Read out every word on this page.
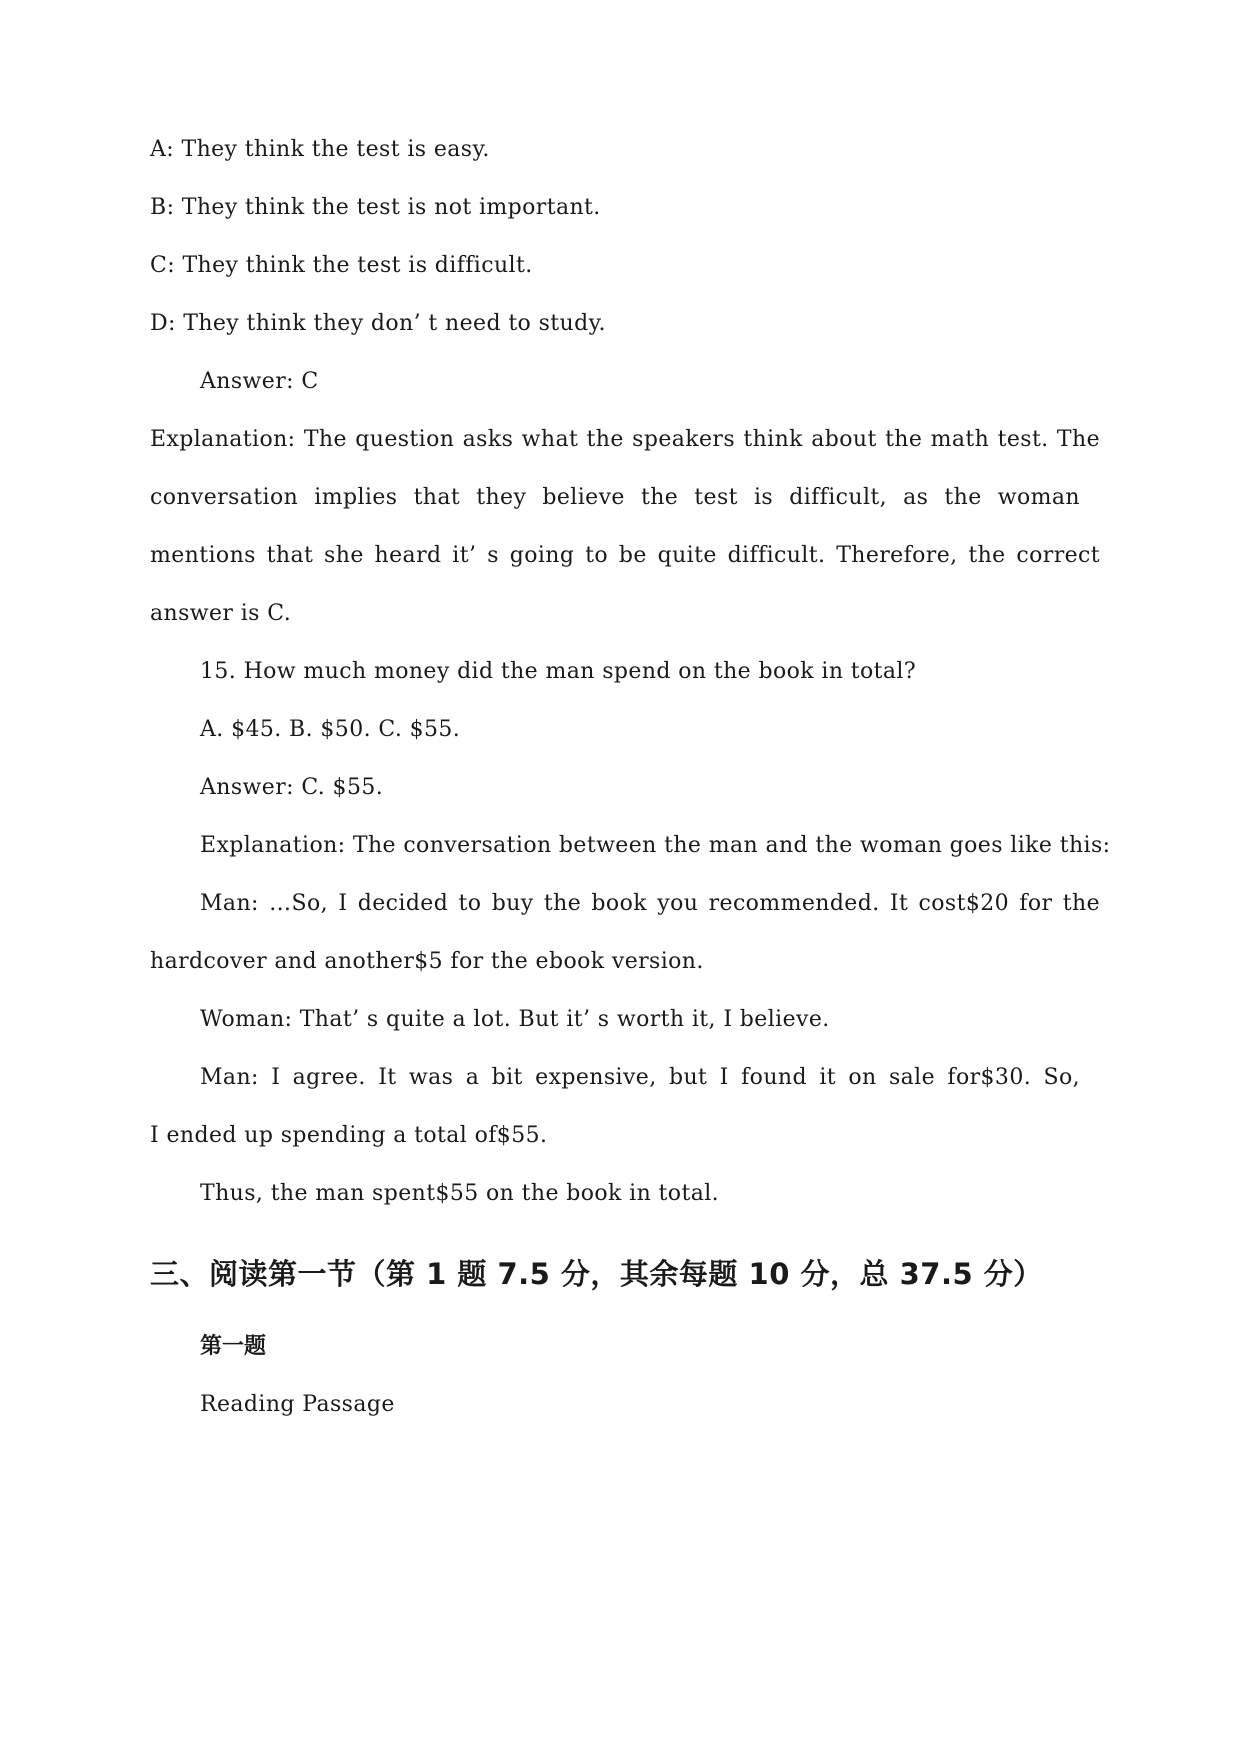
A: They think the test is easy.
B: They think the test is not important.
C: They think the test is difficult.
D: They think they don’ t need to study.
Answer: C
Explanation: The question asks what the speakers think about the math test. The
conversation implies that they believe the test is difficult, as the woman
mentions that she heard it’ s going to be quite difficult. Therefore, the correct
answer is C.
15. How much money did the man spend on the book in total?
A. $45. B. $50. C. $55.
Answer: C. $55.
Explanation: The conversation between the man and the woman goes like this:
Man: …So, I decided to buy the book you recommended. It cost$20 for the
hardcover and another$5 for the ebook version.
Woman: That’ s quite a lot. But it’ s worth it, I believe.
Man: I agree. It was a bit expensive, but I found it on sale for$30. So,
I ended up spending a total of$55.
Thus, the man spent$55 on the book in total.
三、阅读第一节（第 1 题 7.5 分，其余每题 10 分，总 37.5 分）
第一题
Reading Passage
